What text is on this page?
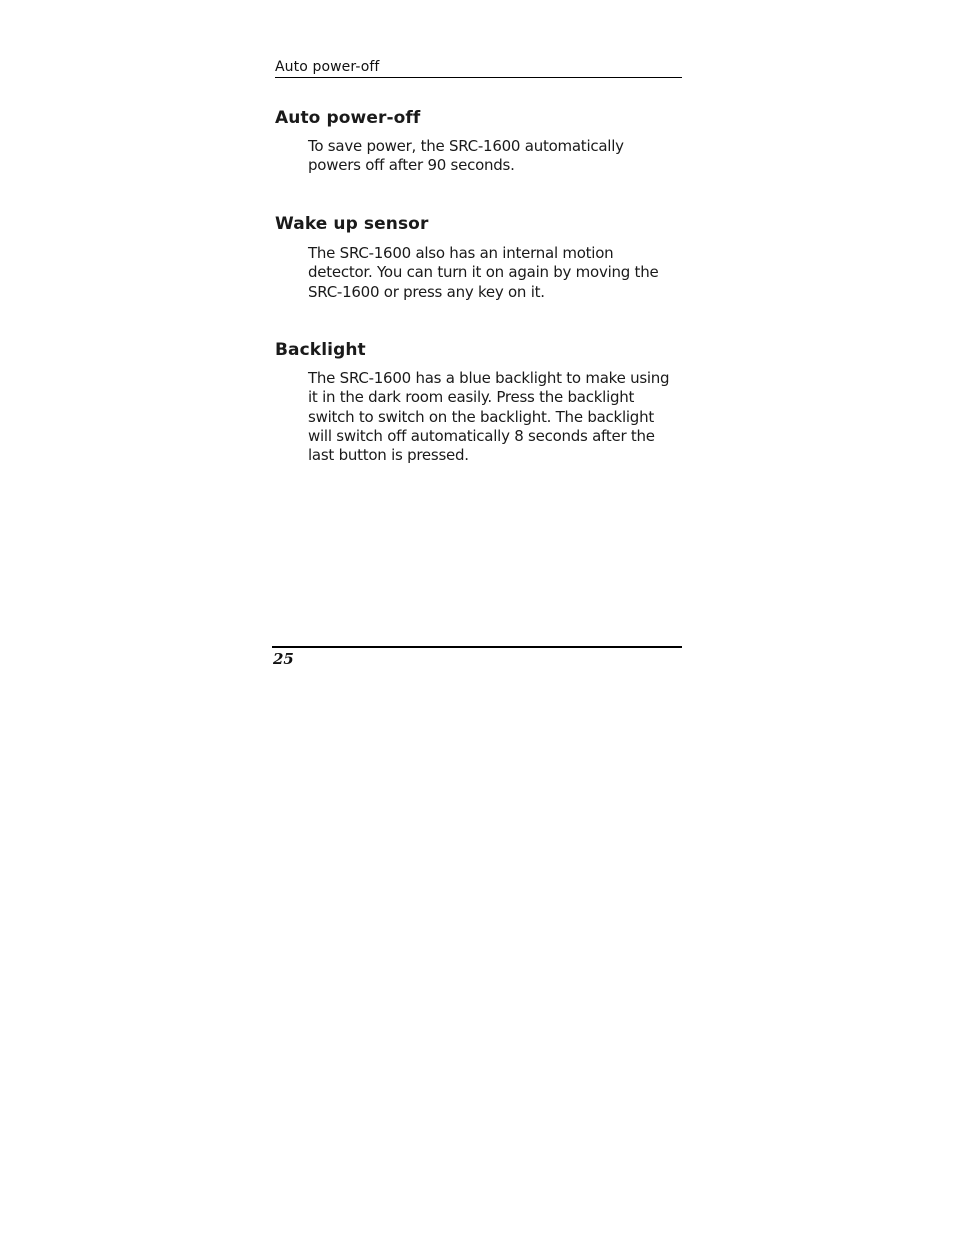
Auto power-off
Auto power-off

To save power, the SRC-1600 automatically
powers off after 90 seconds.

Wake up sensor

The SRC-1600 also has an internal motion
detector. You can turn it on again by moving the
SRC-1600 or press any key on it.

Backlight

The SRC-1600 has a blue backlight to make using
it in the dark room easily. Press the backlight
switch to switch on the backlight. The backlight
will switch off automatically 8 seconds after the
last button is pressed.

25
